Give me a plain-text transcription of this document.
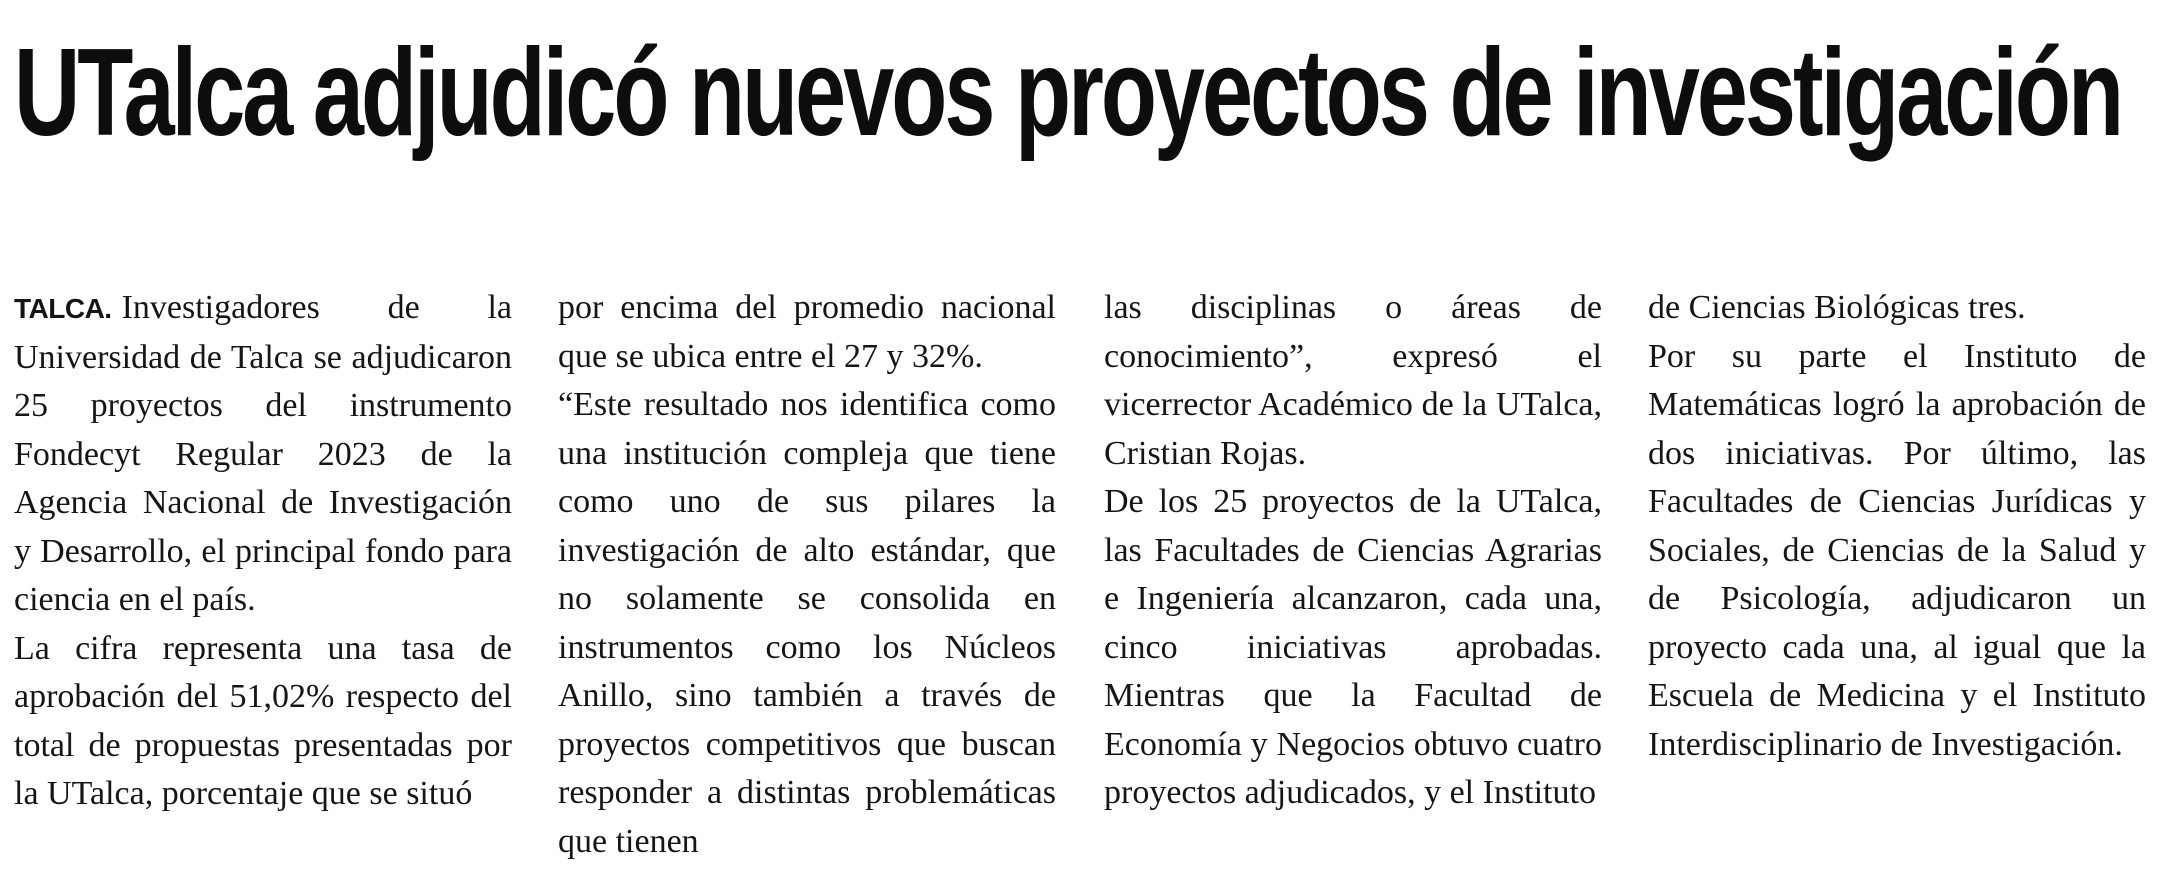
UTalca adjudicó nuevos proyectos de investigación

TALCA. Investigadores de la Universidad de Talca se adjudicaron 25 proyectos del instrumento Fondecyt Regular 2023 de la Agencia Nacional de Investigación y Desarrollo, el principal fondo para ciencia en el país.

La cifra representa una tasa de aprobación del 51,02% respecto del total de propuestas presentadas por la UTalca, porcentaje que se situó

por encima del promedio nacional que se ubica entre el 27 y 32%.

“Este resultado nos identifica como una institución compleja que tiene como uno de sus pilares la investigación de alto estándar, que no solamente se consolida en instrumentos como los Núcleos Anillo, sino también a través de proyectos competitivos que buscan responder a distintas problemáticas que tienen

las disciplinas o áreas de conocimiento”, expresó el vicerrector Académico de la UTalca, Cristian Rojas.

De los 25 proyectos de la UTalca, las Facultades de Ciencias Agrarias e Ingeniería alcanzaron, cada una, cinco iniciativas aprobadas. Mientras que la Facultad de Economía y Negocios obtuvo cuatro proyectos adjudicados, y el Instituto

de Ciencias Biológicas tres.

Por su parte el Instituto de Matemáticas logró la aprobación de dos iniciativas. Por último, las Facultades de Ciencias Jurídicas y Sociales, de Ciencias de la Salud y de Psicología, adjudicaron un proyecto cada una, al igual que la Escuela de Medicina y el Instituto Interdisciplinario de Investigación.
